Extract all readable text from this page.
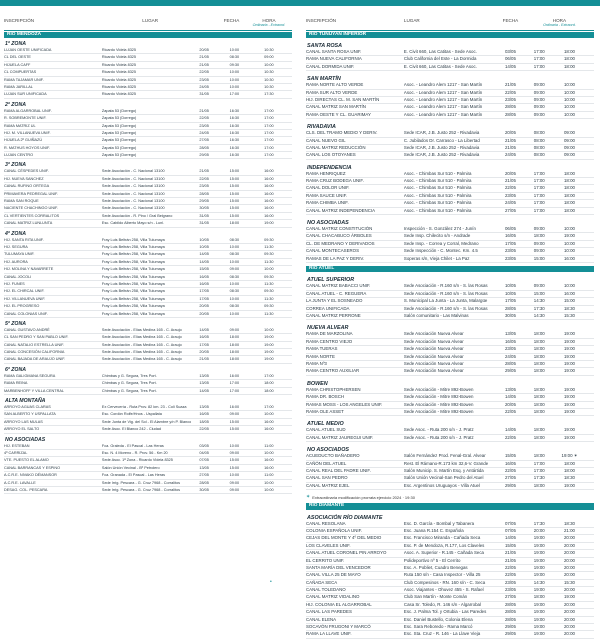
INSCRIPCIÓN	LUGAR	FECHA	HORA
Ordinaria - Extraord.
RIO MENDOZA
1ª ZONA
LUJAN OESTE UNIFICADA	Ricardo Videla 8325	20/05	10:00	10:30
CL DEL OESTE	Ricardo Videla 8325	21/05	08:30	09:00
HIJUELA CAFF	Ricardo Videla 8325	21/05	09:30	10:00
CL COMPUERTAS	Ricardo Videla 8325	22/05	10:00	10:30
RAMA TAJAMAR UNIF.	Ricardo Videla 8325	23/05	10:00	10:30
RAMA JARILLAL	Ricardo Videla 8325	24/05	10:00	10:30
LUJAN SUR UNIFICADA	Ricardo Videla 8325	31/05	17:00	17:30
2ª ZONA
RAMA ALGARROBAL UNIF.	Zapata 53 (Dorrego)	21/05	16:30	17:00
R. SOBREMONTE UNIF.	Zapata 53 (Dorrego)	22/05	16:30	17:00
RAMA MATRIZ UL	Zapata 53 (Dorrego)	23/05	16:30	17:00
HIJ. M. VILLANUEVA UNIF.	Zapata 53 (Dorrego)	24/05	16:30	17:00
HIJUELA 2º GUIÑAZÚ	Zapata 53 (Dorrego)	27/05	16:30	17:00
R. MATHUS HOYOS UNIF.	Zapata 53 (Dorrego)	28/05	16:30	17:00
LUJAN CENTRO	Zapata 53 (Dorrego)	29/05	16:30	17:00
3ª ZONA
CANAL CÉSPEDES UNIF.	Sede Asociación - C. Nacional 13100	21/05	15:00	16:00
HIJ. NUEVA SANCHEZ	Sede Asociación - C. Nacional 13100	22/05	15:00	16:00
CANAL RUFINO ORTEGA	Sede Asociación - C. Nacional 13100	23/05	15:00	16:00
PRIMAVERA PEDREGAL UNIF.	Sede Asociación - C. Nacional 13100	28/05	15:00	16:00
RAMA SAN ROQUE	Sede Asociación - C. Nacional 13100	29/05	15:00	16:00
NACIENTE CHACHINGO UNIF.	Sede Asociación - C. Nacional 13100	30/05	15:00	16:00
CL VERTIENTES CORRALITOS	Sede Asociación - R. Pino / Gral Belgrano	31/05	15:00	16:00
CANAL MATRIZ LUNLUNTA	Esc. Cabildo Alberto Mayo s/n - Lunl.	31/05	18:00	19:00
4ª ZONA
HIJ. SANTA RITA UNIF.	Fray Luis Beltrán 258, Villa Tulumaya	10/05	08:30	09:30
HIJ. SEGURA	Fray Luis Beltrán 258, Villa Tulumaya	10/05	10:00	11:30
TULUMAYA UNIF.	Fray Luis Beltrán 258, Villa Tulumaya	14/05	08:30	09:30
HIJ. AURORA	Fray Luis Beltrán 258, Villa Tulumaya	14/05	10:00	11:30
HIJ. MOLINA Y NAVARRETE	Fray Luis Beltrán 258, Villa Tulumaya	15/05	09:00	10:00
CANAL JOCOLI	Fray Luis Beltrán 258, Villa Tulumaya	16/05	08:30	09:30
HIJ. FUNES	Fray Luis Beltrán 258, Villa Tulumaya	16/05	10:00	11:30
HIJ. EL CHIRCAL UNIF.	Fray Luis Beltrán 258, Villa Tulumaya	17/05	08:30	09:30
HIJ. VILLANUEVA UNIF.	Fray Luis Beltrán 258, Villa Tulumaya	17/05	10:00	11:30
HIJ. EL PROGRESO	Fray Luis Beltrán 258, Villa Tulumaya	20/05	08:30	09:30
CANAL COLONIAS UNIF.	Fray Luis Beltrán 258, Villa Tulumaya	20/05	10:00	11:30
5ª ZONA
CANAL GUSTAVO ANDRÉ	Sede Asociación - Elías Medina 165 - C. Araujo	14/05	09:00	10:00
CL SAN PEDRO Y SAN PABLO UNIF.	Sede Asociación - Elías Medina 165 - C. Araujo	16/05	18:00	19:00
CANAL NATALIO ESTRELLA UNIF.	Sede Asociación - Elías Medina 165 - C. Araujo	17/05	18:00	19:00
CANAL CONCESIÓN CALIFORNIA	Sede Asociación - Elías Medina 165 - C. Araujo	20/05	18:00	19:00
CANAL BAJADA DE ARAUJO UNIF.	Sede Asociación - Elías Medina 165 - C. Araujo	21/05	18:00	19:00
6ª ZONA
RAMA GALIGMANA SEGURA	Chimbas y G. Segura, Tres Port.	13/05	16:00	17:00
RAMA REINA	Chimbas y G. Segura, Tres Port.	13/05	17:00	18:00
MARBENHOFF Y VILLA CENTRAL	Chimbas y G. Segura, Tres Port.	14/05	17:00	18:00
ALTA MONTAÑA
ARROYO AGUAS CLARAS	Ex Cervecería - Ruta Prov. 82 km. 23 - Coli Suaza	13/05	16:00	17:00
SAN ALBERTO Y USPALLATA	Esc. Cordón Rolfe/Hnos - Uspallata	16/05	09:00	10:00
ARROYO LAS MULAS	Sede Junta de Vig. del Sol - El Alambre y/n P. Blanco	18/05	15:00	16:00
ARROYO EL SALTO	Sede Asoc. El Blanco 242 - Ciudad	22/05	15:00	16:00
NO ASOCIADAS
HIJ. ESTEBAN	Fca. Graleda - El Pascal - Las Heras	03/05	10:00	11:00
4º CARRIZAL	Esc. N. 4 Moreno - R. Prov. 56 - Km 20	04/05	09:00	10:00
VTE. PUESTO EL ALAMO	Sede Asoc. 1ª Zona - Ricardo Videla 8325	07/05	15:00	16:00
CANAL BARRANCAS Y ESPINO	Salón Unión Vecinal - Bº Petrolero	13/05	15:00	16:00
A.C.R.E. NIVAKO DÉMANSOR	Fca. Granada - El Pascal - Las Heras	27/05	10:00	11:00
A.C.R.E. LAVALLE	Sede Irrig. Pescara - G. Cruz 7968 - Corralitos	28/05	09:00	10:00
DESAG. COL. PESCARA	Sede Irrig. Pescara - G. Cruz 7968 - Corralitos	30/05	09:00	10:00
INSCRIPCIÓN	LUGAR	FECHA	HORA
Ordinaria - Extraord.
RIO TUNUYAN INFERIOR
SANTA ROSA
CANAL SANTA ROSA UNIF.	E. Civit 660, Las Catitas - Sede Asoc.	03/05	17:00	18:00
RAMA NUEVA CALIFORNIA	Club California del Este - La Dormida	06/05	17:00	18:00
CANAL DORMIDA UNIF.	E. Civit 660, Las Catitas - Sede Asoc.	14/05	17:00	18:00
SAN MARTÍN
RAMA NORTE ALTO VERDE	Asoc. - Leandro Alem 1217 - San Martín	21/05	09:00	10:00
RAMA SUR ALTO VERDE	Asoc. - Leandro Alem 1217 - San Martín	22/05	09:00	10:00
HIJ. DIRECTAS CL. M. SAN MARTÍN	Asoc. - Leandro Alem 1217 - San Martín	23/05	09:00	10:00
CANAL MATRIZ SAN MARTÍN	Asoc. - Leandro Alem 1217 - San Martín	28/05	09:00	10:00
RAMA OESTE Y CL. GUARIMAY	Asoc. - Leandro Alem 1217 - San Martín	28/05	09:00	10:00
RIVADAVIA
CLS. DEL TRAMO MEDIO Y DERIV.	Sede ICAR, J.B. Justo 252 - Rivadavia	20/05	08:00	09:00
CANAL NUEVO GIL	C. Jubilados Dr. Carrasco - La Libertad	21/05	08:00	09:00
CANAL MATRIZ REDUCCIÓN	Sede ICAR, J.B. Justo 252 - Rivadavia	21/05	08:00	09:00
CANAL LOS OTOYANES	Sede ICAR, J.B. Justo 252 - Rivadavia	24/05	08:00	09:00
INDEPENDENCIA
RAMA HENRIQUEZ	Asoc. - Chimbas Sur 510 - Palmira	20/05	17:00	18:00
RAMA CRUZ BODEGA UNIF.	Asoc. - Chimbas Sur 510 - Palmira	21/05	17:00	18:00
CANAL DOLOR UNIF.	Asoc. - Chimbas Sur 510 - Palmira	22/05	17:00	18:00
RAMA SAUCE UNIF.	Asoc. - Chimbas Sur 510 - Palmira	23/05	17:00	18:00
RAMA CHIMBA UNIF.	Asoc. - Chimbas Sur 510 - Palmira	24/05	17:00	18:00
CANAL MATRIZ INDEPENDENCIA	Asoc. - Chimbas Sur 510 - Palmira	27/05	17:00	18:00
NO ASOCIADAS
CANAL MATRIZ CONSTITUCIÓN	Inspección - S. González 274 - Junín	06/05	09:00	10:00
CANAL CHACABUCO ÁRBOLES	Sede Insp. Chilecito s/n - Andrade	16/05	18:00	19:00
CL. DE MEDRANO Y DERIVADOS	Sede Insp. - Correa y Corral, Medrano	17/05	09:00	10:00
CANAL MONTECASEROS	Sede Inspección - C. Montec. Km. 4.5	23/05	09:00	10:00
RAMAS DE LA PAZ Y DERIV.	Soperas s/n, Vieja Chilet - La Paz	23/05	15:00	16:00
RIO ATUEL
ATUEL SUPERIOR
CANAL MATRIZ BABACCI UNIF.	Sede Asociación - R.160 s/n - S. las Rosas	10/05	09:00	10:00
CANAL ATUEL - C. REGUERA	Sede Asociación - R.160 s/n - S. las Rosas	10/05	15:00	16:00
LA JUNTA Y EL SOSNEADO	S. Municipal La Junta - La Junta, Malargüe	17/05	14:30	15:00
CORREA UNIFICADA	Sede Asociación - R.160 s/n - S. las Rosas	28/05	17:30	18:30
CANAL MATRIZ PERRONE	Salón comunitario - Las Malvinas	30/05	14:30	15:30
NUEVA ALVEAR
RAMA DE MARZOLINA	Sede Asociación Nueva Alvear	13/05	18:00	19:00
RAMA CENTRO VIEJO	Sede Asociación Nueva Alvear	16/05	18:00	19:00
RAMA TUERAS	Sede Asociación Nueva Alvear	23/05	18:00	19:00
RAMA NORTE	Sede Asociación Nueva Alvear	24/05	18:00	19:00
RAMA Nº3	Sede Asociación Nueva Alvear	28/05	18:00	19:00
RAMA CENTRO AUXILIAR	Sede Asociación Nueva Alvear	29/05	18:00	19:00
BOWEN
RAMA CHRISTOPHERSEN	Sede Asociación - Mitre 892-Bowen	13/05	18:00	19:00
RAMA DR. BOSCH	Sede Asociación - Mitre 892-Bowen	14/05	18:00	19:00
RAMAS MOSS - LOS ANGELES UNIF.	Sede Asociación - Mitre 892-Bowen	20/05	18:00	19:00
RAMA OLE ASSET	Sede Asociación - Mitre 892-Bowen	22/05	18:00	19:00
ATUEL MEDIO
CANAL ATUEL SUD	Sede Asoc. - Ruta 200 s/n - J. Pratz	14/05	18:00	19:00
CANAL MATRIZ JAUREGUI UNIF.	Sede Asoc. - Ruta 200 s/n - J. Pratz	22/05	18:00	19:00
NO ASOCIADOS
ACUEDUCTO BAÑADERO	Salón Fernández Prod. Fenal-Gral. Alvear	15/05	18:00	19:00 ✶
CAÑÓN DEL ATUEL	Rest. El Rámano-R.173 km 32,6-V. Grande	16/05	17:00	18:00
CANAL REAL DEL PADRE UNIF.	Salón Municip. S. Martín Esq. y Antártida	22/05	17:00	18:00
CANAL SAN PEDRO	Salón Unión Vecinal-San Pedro del Atuel	27/05	17:30	18:30
CANAL MATRIZ EJEL	Esc. Argentinos Uruguayos - Villa Atuel	29/05	18:00	19:00
✶ Extraordinaria modificación prorrata ejercicio 2024 · 19:30
RIO DIAMANTE
ASOCIACIÓN RÍO DIAMANTE
CANAL RESOLANA	Esc. D. García - Bombal y Tabanera	07/05	17:30	18:30
COLONIA ESPAÑOLA UNIF.	Esc. Juana R.154 C. Española	07/05	20:00	21:00
CEJAS DEL MONTE Y 4º DEL MEDIO	Esc. Francisco Miranda - Cañada Seca	14/05	19:00	20:00
LOS CLAVELES UNIF.	Esc. P. de Mendoza, R.177, Los Claveles	15/05	19:00	20:00
CANAL ATUEL CORONEL PIN ARROYO	Asoc. A. Superior - R.145 - Cañada Seca	21/05	19:00	20:00
EL CERRITO UNIF.	Polideportivo nº 5 - El Cerrito	21/05	19:00	20:00
SANTA MARÍA DEL VENCEDOR	Esc. A. Pobliet, Cuadro Benegas	22/05	19:00	20:00
CANAL VILLA 25 DE MAYO	Ruta 150 s/n - Casa Inspector - Villa 25	22/05	19:00	20:00
CAÑADA SECA	Club Compesinos - RN. 160 s/n - C. Seca	23/05	14:30	15:30
CANAL TOLEDANO	Asoc. Viajantes - Ohuvez 455 - S. Rafael	23/05	19:00	20:00
CANAL MATRIZ VIDALINO	Club San Martín - Monte Comán	27/05	18:00	19:00
HIJ. COLONIA EL ALGARROBAL	Casa Sr. Toledo, R. 146 s/n - Algarrobal	28/05	19:00	20:00
CANAL LAS PAREDES	Esc. J. Palma Tol. y Ortubia - Las Paredes	28/05	19:00	20:00
CANAL ELENA	Esc. Daniel Bustello, Colonia Elena	28/05	19:00	20:00
SOCAVÓN FRUGONI Y MARCÓ	Esc. Sara Reboredo - Rama Marcó	29/05	19:00	20:00
RAMA LA LLAVE UNIF.	Esc. Sta. Cruz - R. 146 - La Llave Vieja	29/05	19:00	20:00
•
